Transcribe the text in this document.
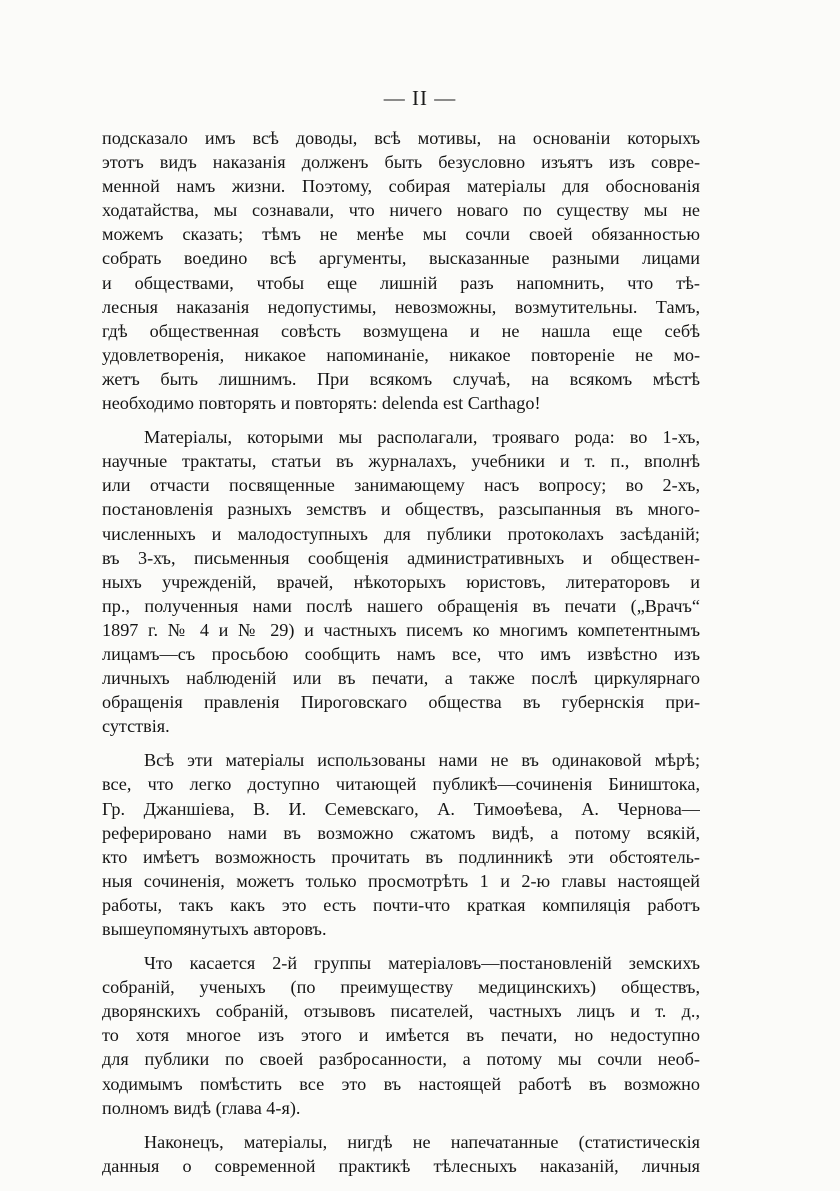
— II —
подсказало имъ всѣ доводы, всѣ мотивы, на основаніи которыхъ
этотъ видъ наказанія долженъ быть безусловно изъятъ изъ совре-
менной намъ жизни. Поэтому, собирая матеріалы для обоснованія
ходатайства, мы сознавали, что ничего новаго по существу мы не
можемъ сказать; тѣмъ не менѣе мы сочли своей обязанностью
собрать воедино всѣ аргументы, высказанные разными лицами
и обществами, чтобы еще лишній разъ напомнить, что тѣ-
лесныя наказанія недопустимы, невозможны, возмутительны. Тамъ,
гдѣ общественная совѣсть возмущена и не нашла еще себѣ
удовлетворенія, никакое напоминаніе, никакое повтореніе не мо-
жетъ быть лишнимъ. При всякомъ случаѣ, на всякомъ мѣстѣ
необходимо повторять и повторять: delenda est Carthago!
Матеріалы, которыми мы располагали, трояваго рода: во 1-хъ,
научные трактаты, статьи въ журналахъ, учебники и т. п., вполнѣ
или отчасти посвященные занимающему насъ вопросу; во 2-хъ,
постановленія разныхъ земствъ и обществъ, разсыпанныя въ много-
численныхъ и малодоступныхъ для публики протоколахъ засѣданій;
въ 3-хъ, письменныя сообщенія административныхъ и обществен-
ныхъ учрежденій, врачей, нѣкоторыхъ юристовъ, литераторовъ и
пр., полученныя нами послѣ нашего обращенія въ печати („Врачъ“
1897 г. № 4 и № 29) и частныхъ писемъ ко многимъ компетентнымъ
лицамъ—съ просьбою сообщить намъ все, что имъ извѣстно изъ
личныхъ наблюденій или въ печати, а также послѣ циркулярнаго
обращенія правленія Пироговскаго общества въ губернскія при-
сутствія.
Всѣ эти матеріалы использованы нами не въ одинаковой мѣрѣ;
все, что легко доступно читающей публикѣ—сочиненія Биништока,
Гр. Джаншіева, В. И. Семевскаго, А. Тимоѳѣева, А. Чернова—
реферировано нами въ возможно сжатомъ видѣ, а потому всякій,
кто имѣетъ возможность прочитать въ подлинникѣ эти обстоятель-
ныя сочиненія, можетъ только просмотрѣть 1 и 2-ю главы настоящей
работы, такъ какъ это есть почти-что краткая компиляція работъ
вышеупомянутыхъ авторовъ.
Что касается 2-й группы матеріаловъ—постановленій земскихъ
собраній, ученыхъ (по преимуществу медицинскихъ) обществъ,
дворянскихъ собраній, отзывовъ писателей, частныхъ лицъ и т. д.,
то хотя многое изъ этого и имѣется въ печати, но недоступно
для публики по своей разбросанности, а потому мы сочли необ-
ходимымъ помѣстить все это въ настоящей работѣ въ возможно
полномъ видѣ (глава 4-я).
Наконецъ, матеріалы, нигдѣ не напечатанные (статистическія
данныя о современной практикѣ тѣлесныхъ наказаній, личныя
